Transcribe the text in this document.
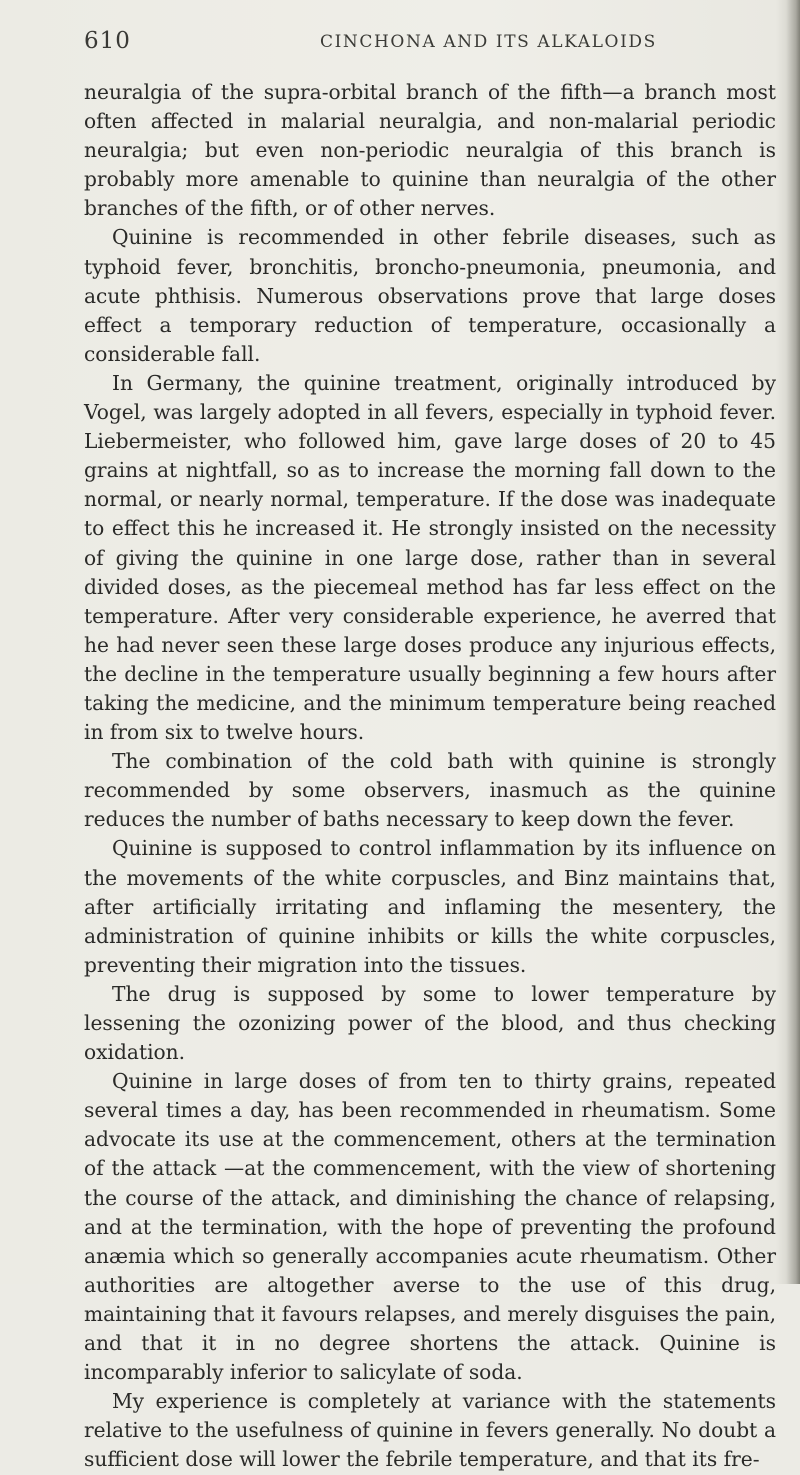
610	CINCHONA AND ITS ALKALOIDS

neuralgia of the supra-orbital branch of the fifth—a branch most often affected in malarial neuralgia, and non-malarial periodic neuralgia; but even non-periodic neuralgia of this branch is probably more amenable to quinine than neuralgia of the other branches of the fifth, or of other nerves.

Quinine is recommended in other febrile diseases, such as typhoid fever, bronchitis, broncho-pneumonia, pneumonia, and acute phthisis. Numerous observations prove that large doses effect a temporary reduction of temperature, occasionally a considerable fall.

In Germany, the quinine treatment, originally introduced by Vogel, was largely adopted in all fevers, especially in typhoid fever. Liebermeister, who followed him, gave large doses of 20 to 45 grains at nightfall, so as to increase the morning fall down to the normal, or nearly normal, temperature. If the dose was inadequate to effect this he increased it. He strongly insisted on the necessity of giving the quinine in one large dose, rather than in several divided doses, as the piecemeal method has far less effect on the temperature. After very considerable experience, he averred that he had never seen these large doses produce any injurious effects, the decline in the temperature usually beginning a few hours after taking the medicine, and the minimum temperature being reached in from six to twelve hours.

The combination of the cold bath with quinine is strongly recommended by some observers, inasmuch as the quinine reduces the number of baths necessary to keep down the fever.

Quinine is supposed to control inflammation by its influence on the movements of the white corpuscles, and Binz maintains that, after artificially irritating and inflaming the mesentery, the administration of quinine inhibits or kills the white corpuscles, preventing their migration into the tissues.

The drug is supposed by some to lower temperature by lessening the ozonizing power of the blood, and thus checking oxidation.

Quinine in large doses of from ten to thirty grains, repeated several times a day, has been recommended in rheumatism. Some advocate its use at the commencement, others at the termination of the attack —at the commencement, with the view of shortening the course of the attack, and diminishing the chance of relapsing, and at the termination, with the hope of preventing the profound anæmia which so generally accompanies acute rheumatism. Other authorities are altogether averse to the use of this drug, maintaining that it favours relapses, and merely disguises the pain, and that it in no degree shortens the attack. Quinine is incomparably inferior to salicylate of soda.

My experience is completely at variance with the statements relative to the usefulness of quinine in fevers generally. No doubt a sufficient dose will lower the febrile temperature, and that its fre-
